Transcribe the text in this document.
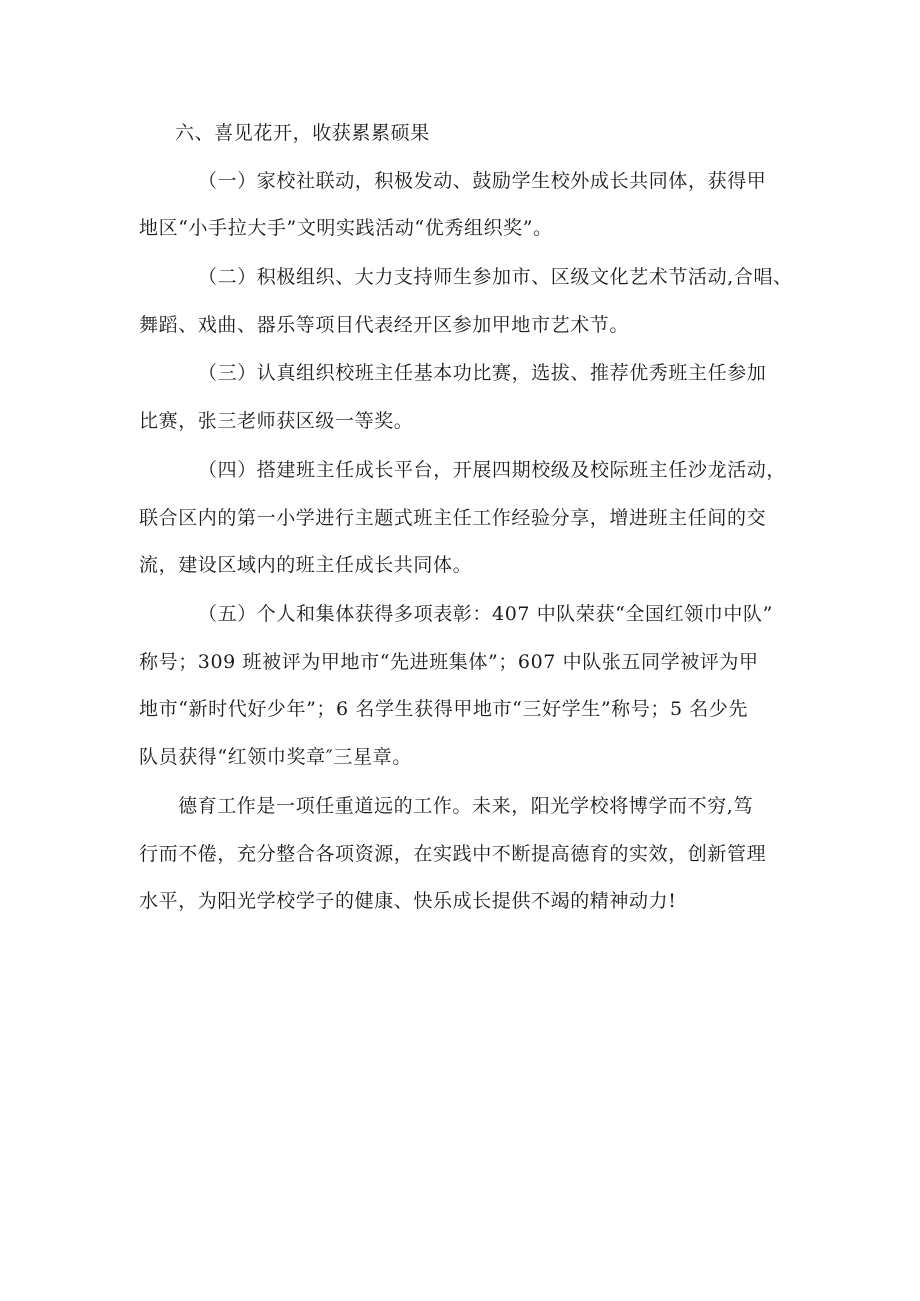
六、喜见花开，收获累累硕果
（一）家校社联动，积极发动、鼓励学生校外成长共同体，获得甲
地区“小手拉大手”文明实践活动“优秀组织奖”。
（二）积极组织、大力支持师生参加市、区级文化艺术节活动,合唱、
舞蹈、戏曲、器乐等项目代表经开区参加甲地市艺术节。
（三）认真组织校班主任基本功比赛，选拔、推荐优秀班主任参加
比赛，张三老师获区级一等奖。
（四）搭建班主任成长平台，开展四期校级及校际班主任沙龙活动，
联合区内的第一小学进行主题式班主任工作经验分享，增进班主任间的交
流，建设区域内的班主任成长共同体。
（五）个人和集体获得多项表彰：407 中队荣获“全国红领巾中队”
称号；309 班被评为甲地市“先进班集体”；607 中队张五同学被评为甲
地市“新时代好少年”；6 名学生获得甲地市“三好学生”称号；5 名少先
队员获得“红领巾奖章″三星章。
德育工作是一项任重道远的工作。未来，阳光学校将博学而不穷,笃
行而不倦，充分整合各项资源，在实践中不断提高德育的实效，创新管理
水平，为阳光学校学子的健康、快乐成长提供不竭的精神动力!
